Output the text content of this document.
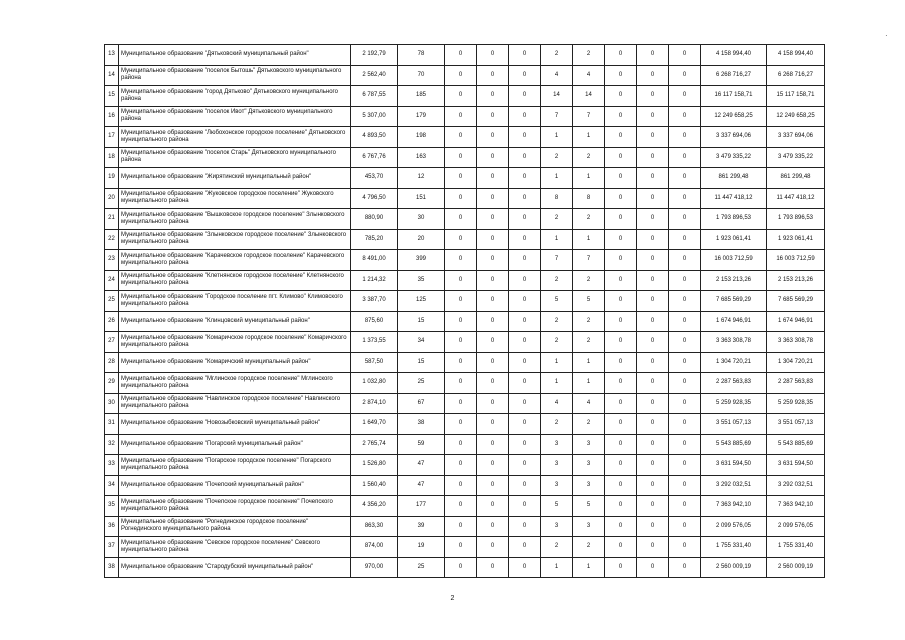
·
13	Муниципальное образование "Дятьковский муниципальный район"	2 192,79	78	0	0	0	2	2	0	0	0	4 158 994,40	4 158 994,40
14	Муниципальное образование "поселок Бытошь" Дятьковского муниципального района	2 562,40	70	0	0	0	4	4	0	0	0	6 268 716,27	6 268 716,27
15	Муниципальное образование "город Дятьково" Дятьковского муниципального района	6 787,55	185	0	0	0	14	14	0	0	0	16 117 158,71	15 117 158,71
16	Муниципальное образование "поселок Ивот" Дятьковского муниципального района	5 307,00	179	0	0	0	7	7	0	0	0	12 249 658,25	12 249 658,25
17	Муниципальное образование "Любохонское городское поселение" Дятьковского муниципального района	4 893,50	198	0	0	0	1	1	0	0	0	3 337 694,06	3 337 694,06
18	Муниципальное образование "поселок Старь" Дятьковского муниципального района	6 767,76	163	0	0	0	2	2	0	0	0	3 479 335,22	3 479 335,22
19	Муниципальное образование "Жирятинский муниципальный район"	453,70	12	0	0	0	1	1	0	0	0	861 299,48	861 299,48
20	Муниципальное образование "Жуковское городское поселение" Жуковского муниципального района	4 796,50	151	0	0	0	8	8	0	0	0	11 447 418,12	11 447 418,12
21	Муниципальное образование "Вышковское городское поселение" Злынковского муниципального района	880,90	30	0	0	0	2	2	0	0	0	1 793 896,53	1 793 896,53
22	Муниципальное образование "Злынковское городское поселение" Злынковского муниципального района	785,20	20	0	0	0	1	1	0	0	0	1 923 061,41	1 923 061,41
23	Муниципальное образование "Карачевское городское поселение" Карачевского муниципального района	8 491,00	399	0	0	0	7	7	0	0	0	16 003 712,59	16 003 712,59
24	Муниципальное образование "Клетнянское городское поселение" Клетнянского муниципального района	1 214,32	35	0	0	0	2	2	0	0	0	2 153 213,26	2 153 213,26
25	Муниципальное образование "Городское поселение пгт. Климово" Климовского муниципального района	3 387,70	125	0	0	0	5	5	0	0	0	7 685 569,29	7 685 569,29
26	Муниципальное образование "Клинцовский муниципальный район"	875,60	15	0	0	0	2	2	0	0	0	1 674 946,91	1 674 946,91
27	Муниципальное образование "Комаричское городское поселение" Комаричского муниципального района	1 373,55	34	0	0	0	2	2	0	0	0	3 363 308,78	3 363 308,78
28	Муниципальное образование "Комаричский муниципальный район"	587,50	15	0	0	0	1	1	0	0	0	1 304 720,21	1 304 720,21
29	Муниципальное образование "Мглинское городское поселение" Мглинского муниципального района	1 032,80	25	0	0	0	1	1	0	0	0	2 287 563,83	2 287 563,83
30	Муниципальное образование "Навлинское городское поселение" Навлинского муниципального района	2 874,10	67	0	0	0	4	4	0	0	0	5 259 928,35	5 259 928,35
31	Муниципальное образование "Новозыбковский муниципальный район"	1 649,70	38	0	0	0	2	2	0	0	0	3 551 057,13	3 551 057,13
32	Муниципальное образование "Погарский муниципальный район"	2 765,74	59	0	0	0	3	3	0	0	0	5 543 885,69	5 543 885,69
33	Муниципальное образование "Погарское городское поселение" Погарского муниципального района	1 526,80	47	0	0	0	3	3	0	0	0	3 631 594,50	3 631 594,50
34	Муниципальное образование "Почепский муниципальный район"	1 560,40	47	0	0	0	3	3	0	0	0	3 292 032,51	3 292 032,51
35	Муниципальное образование "Почепское городское поселение" Почепского муниципального района	4 356,20	177	0	0	0	5	5	0	0	0	7 363 942,10	7 363 942,10
36	Муниципальное образование "Рогнединское городское поселение" Рогнединского муниципального района	863,30	39	0	0	0	3	3	0	0	0	2 099 576,05	2 099 576,05
37	Муниципальное образование "Севское городское поселение" Севского муниципального района	874,00	19	0	0	0	2	2	0	0	0	1 755 331,40	1 755 331,40
38	Муниципальное образование "Стародубский муниципальный район"	970,00	25	0	0	0	1	1	0	0	0	2 560 009,19	2 560 009,19
2
